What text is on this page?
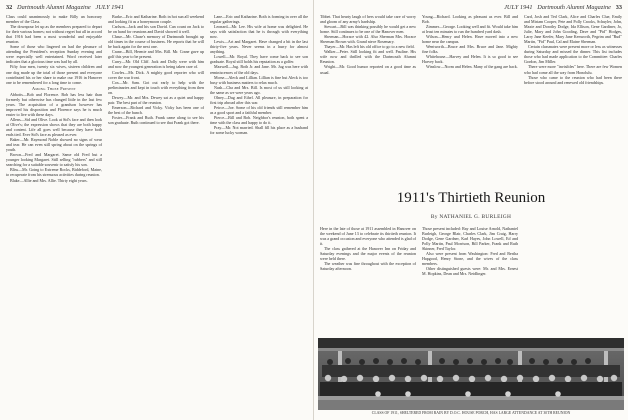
32 Dartmouth Alumni Magazine JULY 1941

Class could unanimously to make Billy an honorary member of the Class.

The downpour let up as the members prepared to depart for their various homes; not without regret but all in accord that 1916 had been a most wonderful and enjoyable reunion.

Some of those who lingered on had the pleasure of attending the President's reception Sunday evening and were especially well entertained. Word received later indicates that a glorious time was had by all.

Fifty four men, twenty six wives, sixteen children and one dog made up the total of those present and everyone contributed his or her share to make our 1916 in Hanover one to be remembered for a long time to come.

Among Those Present

Abbotts—Bob and Florence. Bob has less hair than formerly but otherwise has changed little in the last few years. The acquisition of a grandson however has improved his disposition and Florence says he is much easier to live with these days.

Allens—Sid and Olive. Look at Sid's face and then look at Olive's; the expression shows that they are both happy and content. Life all goes well because they have both ends tied. Ever Sid's face as pleased as ever.

Baker—Mr. Raymond Noble showed no signs of wear and tear. He can even still spring about on the springs of youth.

Brown—Fred and Margaret. Same old Fred but a younger looking Margaret. Still selling "rubbers" and still searching for a suitable souvenir to satisfy his son.

Bliss—Mr. Going to Extreme Rocks, Biddeford, Maine, to recuperate from his strenuous activities during reunion.

Blake—Allie and Mrs. Allie. Thirty eight years.

Burke—Eric and Katharine. Both in hot sun all weekend and looking fit as a honeymoon couple.

Carlson—Jack and his son David. Can count on Jack to be on hand for reunions and David showed it well.

Chase—Mr. Chase's memory of Dartmouth brought up old times in the course of business. He reports that he will be back again for the next one.

Crane—Bill, Hermie and Mrs. Bill. Mr. Crane gave up golf this year to be present.

Curry—Mr. Old Cliff. Jack and Dolly were with him and now the youngest generation is being taken care of.

Cowles—Mr. Dick. A mighty good reporter who will cover the war front.

Cox—Mr. Sam. Got out early to help with the preliminaries and kept in touch with everything from then on.

Dewey—Mr. and Mrs. Dewey sat as a quiet and happy pair. The best part of the reunion.

Emerson—Richard and Vicky. Vicky has been one of the best of the bunch.

Foster—Frank and Ruth. Frank came along to see his son graduate. Ruth continued to see that Frank got there.

Lane—Eric and Katharine. Both is forming in over all the regular gatherings.

Leonard—Mr. Lee. His wife at home was delighted. He says with satisfaction that he is through with everything now.

Lewis—Art and Margaret. Have changed a bit in the last thirty-five years. Never seems in a hurry for almost anything.

Lowell—Mr. Royal. They have come back to see son graduate. Royal still holds his reputation as a golfer.

Maxwell—Jug. Both Jr. and Jane. Mr. Jug was here with reminiscences of the old days.

Morse—Aleck and Lillian. Lillian is fine but Aleck is too busy with business matters to relax much.

Nash—Cha and Mrs. Bill. Is most of us still looking at the same as we were years ago.

Olney—Dug and Ethel. All pleasure, in preparation for first trip abroad after this war.

Peirce—Joe. Some of his old friends still remember him as a good sport and a faithful member.

Pierce—Bill and Bob. Neighbor's reunion, both spent a time with the class and happy to do it.

Pray—Mr. Not married. Shall fill his place as a husband for some lucky woman.

JULY 1941 Dartmouth Alumni Magazine 33

Tibbet. That hearty laugh of hers would take care of worry and gloom of any army's hardship.

Stewart—Bill was thinking possibly he would get a new home. Still continues to be one of the Hanover men.

Sherman—Horace with 42. Also Sherman Mrs. Horace Sherman Brown with. Grand niece Rosemary.

Thayer—Mr. Has left his old office to go to a new field.

Walker—Peter. Still looking fit and well. Pauline. His wife now and thrilled with the Dartmouth Alumni Reunion.

Wright—Mr. Good humor reported on a good time as usual.

Young—Richard. Looking as pleasant as ever. Bill and Bob.

Zimmer—George. Looking well and fit. Would take him at least ten minutes to run the hundred yard dash.

Wilson—Henry and Helen. Have moved into a new home near the campus.

Wentworth—Bruce and Mrs. Bruce and Jane. Mighty fine folks.

Whitehouse—Harvey and Helen. It is so good to see Harvey back.

Winslow—Norm and Helen. Many of the gang are back.

Card, Josh and Ted Clark, Alice and Charles Clue, Emily and Miriam Cooper, Pete and Polly Crooks, Schuyler, John, Maxie and Dorothy Dodge, Ida Ellison, Gene Gardiner, Jo, Julie, Mary and John Gooding, Dave and "Pid" Hodges, Larry Jane Keefer, Mary Jane Kenworth, Pegrim and "Rud" Martin, "Fid" Paul, Cal and Elaine Sherman.

Certain classmates were present more or less as witnesses during Saturday and missed the dinner. This list includes those who had made application to the Committee: Charles Gordon, Jim Miller.

There were more "invisibles" here. There are few Women who had come all the way from Honolulu.

Those who came to the reunion who had been there before stood around and renewed old friendships.

1911's Thirtieth Reunion
By NATHANIEL G. BURLEIGH

Here in the late of those at 1911 assembled in Hanover on the weekend of June 13 to celebrate its thirtieth reunion. It was a grand occasion and everyone who attended is glad of it.

The class gathered at the Hanover Inn on Friday and Saturday evenings and the major events of the reunion were held there.

The weather was fine throughout with the exception of Saturday afternoon.

Those present included: Ray and Louise Arnold, Nathaniel Burleigh, George Blair, Charles Clark, Jim Craig, Harry Dodge, Gene Gardner, Karl Hayes, John Lowell, Ed and Polly Martin, Paul Morrison, Bill Parker, Frank and Ruth Skinner, Fred Taylor.

Also were present from Washington: Fred and Bertha Hapgood, Henry Stone, and the wives of the class members.

Other distinguished guests were: Mr. and Mrs. Ernest M. Hopkins, Dean and Mrs. Neidlinger.

CLASS OF 1911, SHELTERED FROM RAIN BY D.O.C. HOUSE PORCH, HAS LARGE ATTENDANCE AT 30TH REUNION
